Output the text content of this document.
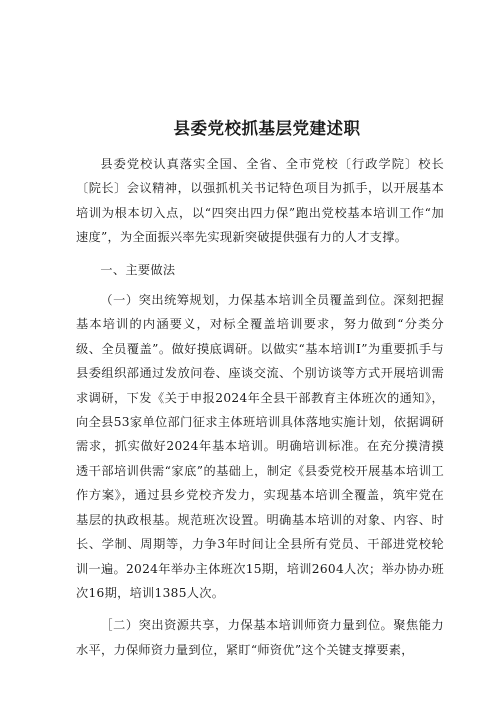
县委党校抓基层党建述职

县委党校认真落实全国、全省、全市党校〔行政学院〕校长〔院长〕会议精神，以强抓机关书记特色项目为抓手，以开展基本培训为根本切入点，以“四突出四力保”跑出党校基本培训工作“加速度”，为全面振兴率先实现新突破提供强有力的人才支撑。

一、主要做法

（一）突出统筹规划，力保基本培训全员覆盖到位。深刻把握基本培训的内涵要义，对标全覆盖培训要求，努力做到“分类分级、全员覆盖”。做好摸底调研。以做实“基本培训Ⅰ”为重要抓手与县委组织部通过发放问卷、座谈交流、个别访谈等方式开展培训需求调研，下发《关于申报2024年全县干部教育主体班次的通知》，向全县53家单位部门征求主体班培训具体落地实施计划，依据调研需求，抓实做好2024年基本培训。明确培训标准。在充分摸清摸透干部培训供需“家底”的基础上，制定《县委党校开展基本培训工作方案》，通过县乡党校齐发力，实现基本培训全覆盖，筑牢党在基层的执政根基。规范班次设置。明确基本培训的对象、内容、时长、学制、周期等，力争3年时间让全县所有党员、干部进党校轮训一遍。2024年举办主体班次15期，培训2604人次；举办协办班次16期，培训1385人次。

［二）突出资源共享，力保基本培训师资力量到位。聚焦能力水平，力保师资力量到位，紧盯“师资优”这个关键支撑要素，
